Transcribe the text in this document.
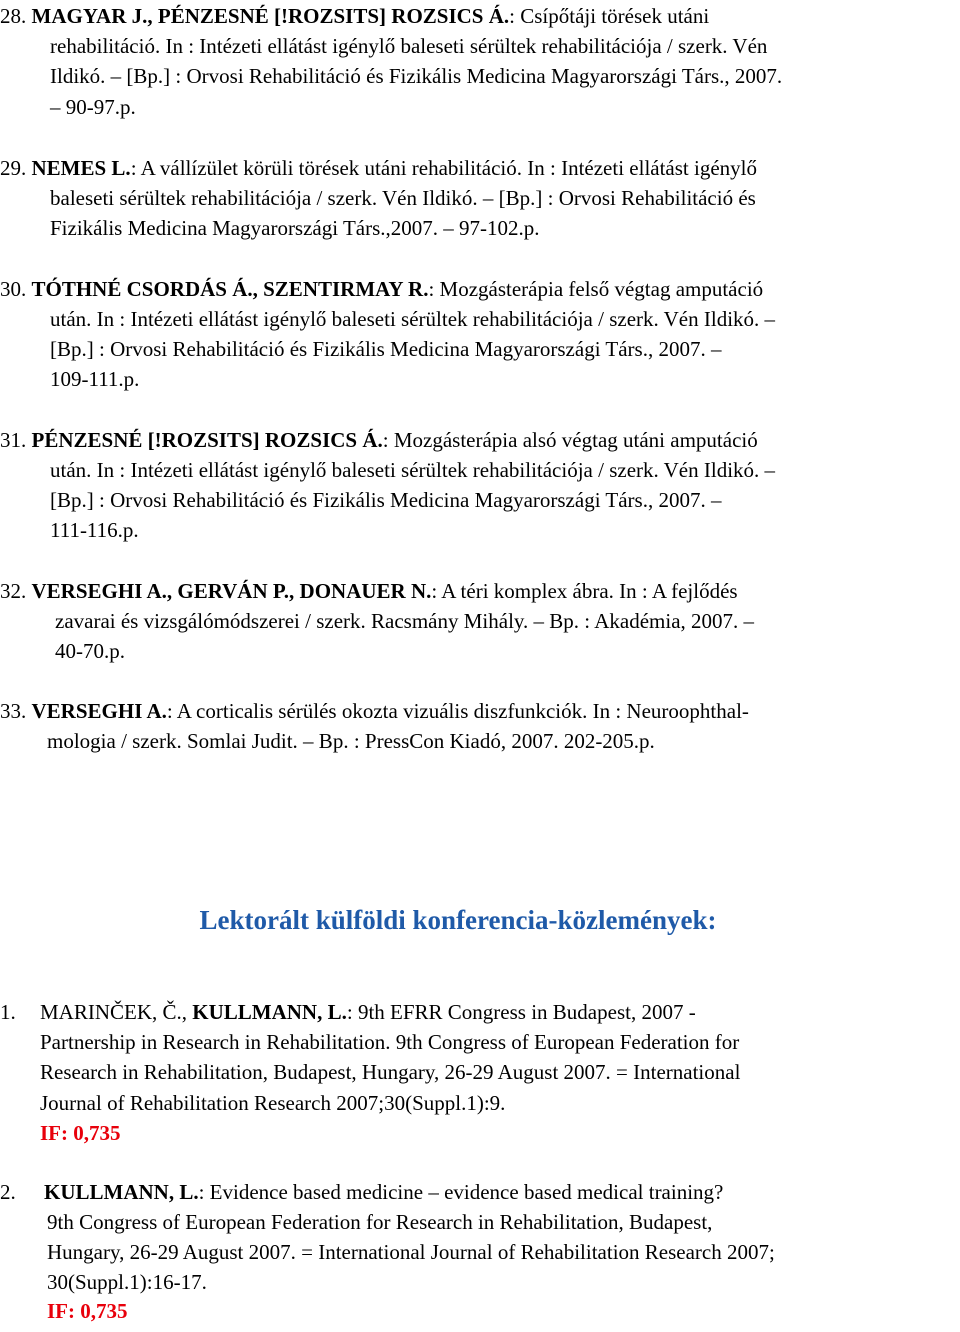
28. MAGYAR J., PÉNZESNÉ [!ROZSITS] ROZSICS Á.: Csípőtáji törések utáni
rehabilitáció. In : Intézeti ellátást igénylő baleseti sérültek rehabilitációja / szerk. Vén
Ildikó. – [Bp.] : Orvosi Rehabilitáció és Fizikális Medicina Magyarországi Társ., 2007.
– 90-97.p.
29. NEMES L.: A vállízület körüli törések utáni rehabilitáció. In : Intézeti ellátást igénylő
baleseti sérültek rehabilitációja / szerk. Vén Ildikó. – [Bp.] : Orvosi Rehabilitáció és
Fizikális Medicina Magyarországi Társ.,2007. – 97-102.p.
30. TÓTHNÉ CSORDÁS Á., SZENTIRMAY R.: Mozgásterápia felső végtag amputáció
után. In : Intézeti ellátást igénylő baleseti sérültek rehabilitációja / szerk. Vén Ildikó. –
[Bp.] : Orvosi Rehabilitáció és Fizikális Medicina Magyarországi Társ., 2007. –
109-111.p.
31. PÉNZESNÉ [!ROZSITS] ROZSICS Á.: Mozgásterápia alsó végtag utáni amputáció
után. In : Intézeti ellátást igénylő baleseti sérültek rehabilitációja / szerk. Vén Ildikó. –
[Bp.] : Orvosi Rehabilitáció és Fizikális Medicina Magyarországi Társ., 2007. –
111-116.p.
32. VERSEGHI A., GERVÁN P., DONAUER N.: A téri komplex ábra. In : A fejlődés
zavarai és vizsgálómódszerei / szerk. Racsmány Mihály. – Bp. : Akadémia, 2007. –
40-70.p.
33. VERSEGHI A.: A corticalis sérülés okozta vizuális diszfunkciók. In : Neuroophthal-
mologia / szerk. Somlai Judit. – Bp. : PressCon Kiadó, 2007. 202-205.p.
Lektorált külföldi konferencia-közlemények:
1. MARINČEK, Č., KULLMANN, L.: 9th EFRR Congress in Budapest, 2007 -
Partnership in Research in Rehabilitation. 9th Congress of European Federation for
Research in Rehabilitation, Budapest, Hungary, 26-29 August 2007. = International
Journal of Rehabilitation Research 2007;30(Suppl.1):9.
IF: 0,735
2. KULLMANN, L.: Evidence based medicine – evidence based medical training?
9th Congress of European Federation for Research in Rehabilitation, Budapest,
Hungary, 26-29 August 2007. = International Journal of Rehabilitation Research 2007;
30(Suppl.1):16-17.
IF: 0,735
